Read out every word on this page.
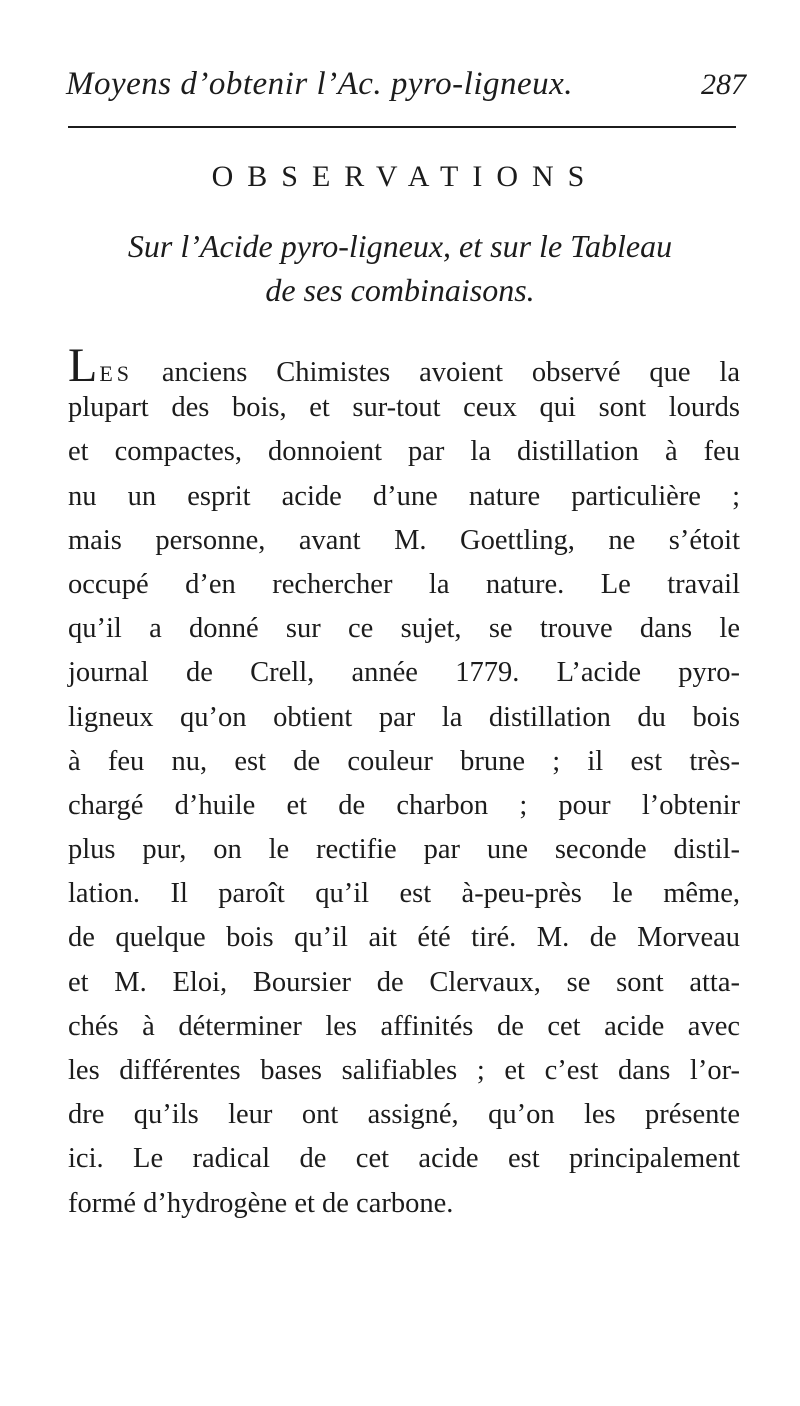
Moyens d’obtenir l’Ac. pyro-ligneux.	287
OBSERVATIONS
Sur l’Acide pyro-ligneux, et sur le Tableau
de ses combinaisons.
LES anciens Chimistes avoient observé que la
plupart des bois, et sur-tout ceux qui sont lourds
et compactes, donnoient par la distillation à feu
nu un esprit acide d’une nature particulière ;
mais personne, avant M. Goettling, ne s’étoit
occupé d’en rechercher la nature. Le travail
qu’il a donné sur ce sujet, se trouve dans le
journal de Crell, année 1779. L’acide pyro-
ligneux qu’on obtient par la distillation du bois
à feu nu, est de couleur brune ; il est très-
chargé d’huile et de charbon ; pour l’obtenir
plus pur, on le rectifie par une seconde distil-
lation. Il paroît qu’il est à-peu-près le même,
de quelque bois qu’il ait été tiré. M. de Morveau
et M. Eloi, Boursier de Clervaux, se sont atta-
chés à déterminer les affinités de cet acide avec
les différentes bases salifiables ; et c’est dans l’or-
dre qu’ils leur ont assigné, qu’on les présente
ici. Le radical de cet acide est principalement
formé d’hydrogène et de carbone.
